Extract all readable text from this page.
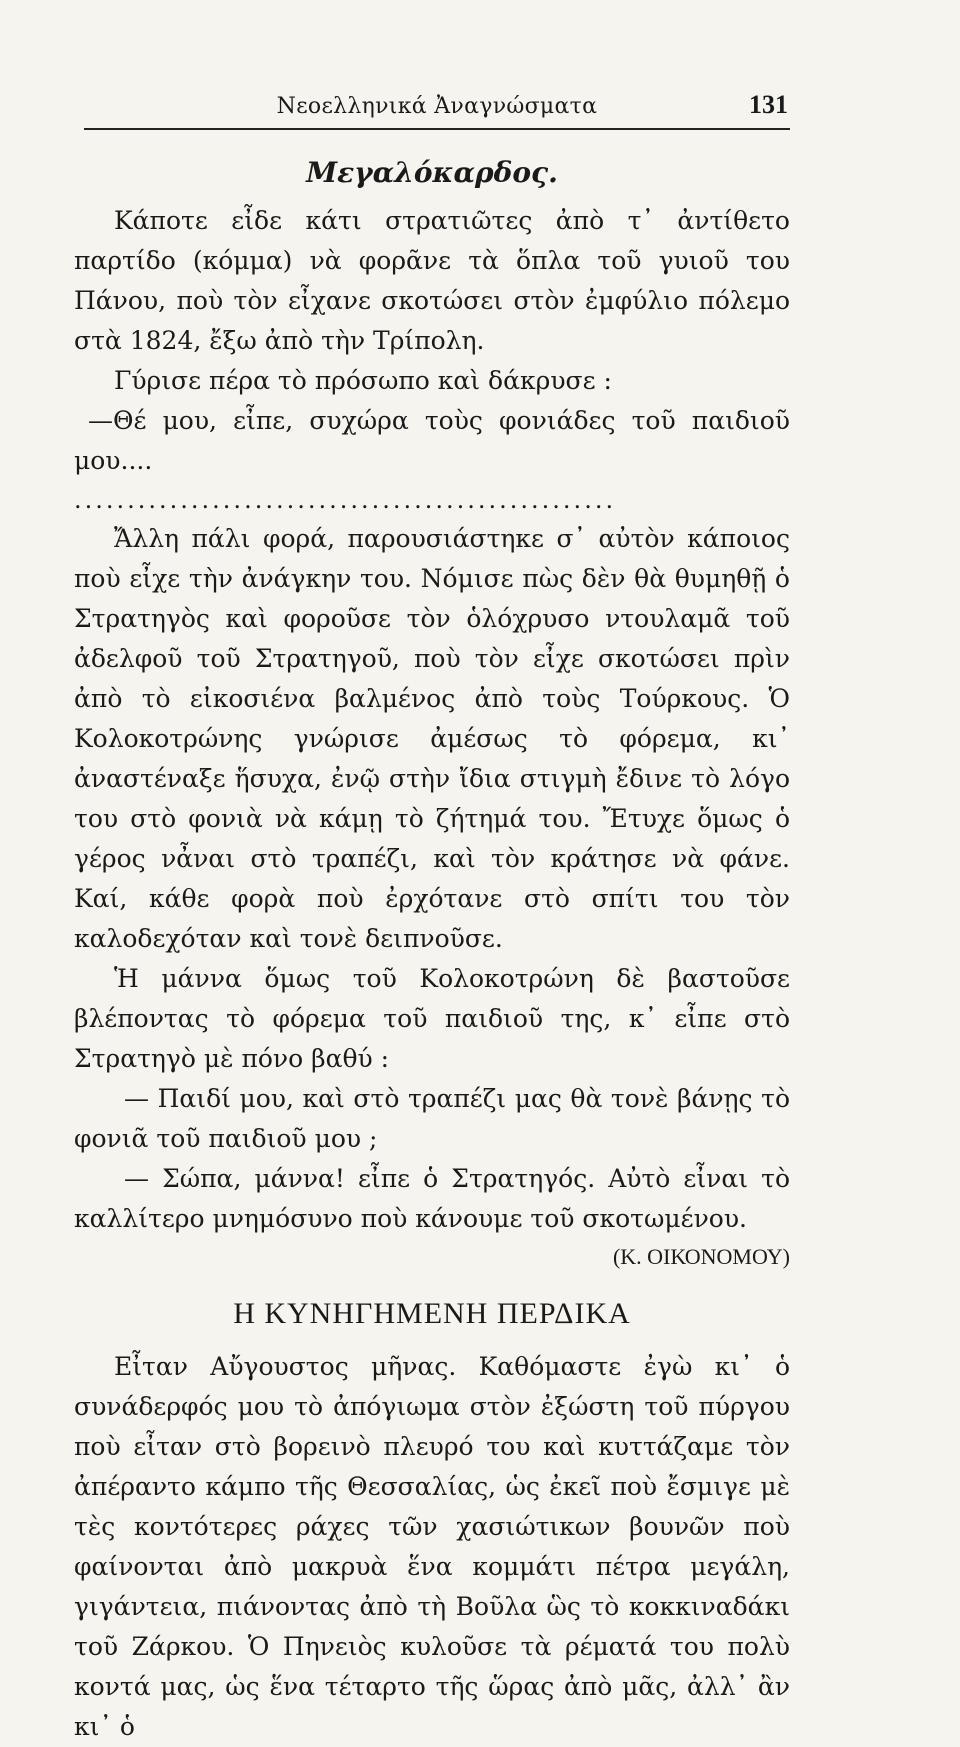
Νεοελληνικά Ἀναγνώσματα	131
Μεγαλόκαρδος.

Κάποτε εἶδε κάτι στρατιῶτες ἀπὸ τ᾽ ἀντίθετο παρτίδο (κόμμα) νὰ φορᾶνε τὰ ὅπλα τοῦ γυιοῦ του Πάνου, ποὺ τὸν εἶχανε σκοτώσει στὸν ἐμφύλιο πόλεμο στὰ 1824, ἔξω ἀπὸ τὴν Τρίπολη.

Γύρισε πέρα τὸ πρόσωπο καὶ δάκρυσε :

—Θέ μου, εἶπε, συχώρα τοὺς φονιάδες τοῦ παιδιοῦ μου....

...................................................

Ἄλλη πάλι φορά, παρουσιάστηκε σ᾽ αὐτὸν κάποιος ποὺ εἶχε τὴν ἀνάγκην του. Νόμισε πὼς δὲν θὰ θυμηθῇ ὁ Στρατηγὸς καὶ φοροῦσε τὸν ὁλόχρυσο ντουλαμᾶ τοῦ ἀδελφοῦ τοῦ Στρατηγοῦ, ποὺ τὸν εἶχε σκοτώσει πρὶν ἀπὸ τὸ εἰκοσιένα βαλμένος ἀπὸ τοὺς Τούρκους. Ὁ Κολοκοτρώνης γνώρισε ἀμέσως τὸ φόρεμα, κι᾽ ἀναστέναξε ἥσυχα, ἐνῷ στὴν ἴδια στιγμὴ ἔδινε τὸ λόγο του στὸ φονιὰ νὰ κάμῃ τὸ ζήτημά του. Ἔτυχε ὅμως ὁ γέρος νἆναι στὸ τραπέζι, καὶ τὸν κράτησε νὰ φάνε. Καί, κάθε φορὰ ποὺ ἐρχότανε στὸ σπίτι του τὸν καλοδεχόταν καὶ τονὲ δειπνοῦσε.

Ἡ μάννα ὅμως τοῦ Κολοκοτρώνη δὲ βαστοῦσε βλέποντας τὸ φόρεμα τοῦ παιδιοῦ της, κ᾽ εἶπε στὸ Στρατηγὸ μὲ πόνο βαθύ :

— Παιδί μου, καὶ στὸ τραπέζι μας θὰ τονὲ βάνῃς τὸ φονιᾶ τοῦ παιδιοῦ μου ;

— Σώπα, μάννα! εἶπε ὁ Στρατηγός. Αὐτὸ εἶναι τὸ καλλίτερο μνημόσυνο ποὺ κάνουμε τοῦ σκοτωμένου.

(Κ. ΟΙΚΟΝΟΜΟΥ)

Η ΚΥΝΗΓΗΜΕΝΗ ΠΕΡΔΙΚΑ

Εἶταν Αὔγουστος μῆνας. Καθόμαστε ἐγὼ κι᾽ ὁ συνάδερφός μου τὸ ἀπόγιωμα στὸν ἐξώστη τοῦ πύργου ποὺ εἶταν στὸ βορεινὸ πλευρό του καὶ κυττάζαμε τὸν ἀπέραντο κάμπο τῆς Θεσσαλίας, ὡς ἐκεῖ ποὺ ἔσμιγε μὲ τὲς κοντότερες ράχες τῶν χασιώτικων βουνῶν ποὺ φαίνονται ἀπὸ μακρυὰ ἕνα κομμάτι πέτρα μεγάλη, γιγάντεια, πιάνοντας ἀπὸ τὴ Βοῦλα ὣς τὸ κοκκιναδάκι τοῦ Ζάρκου. Ὁ Πηνειὸς κυλοῦσε τὰ ρέματά του πολὺ κοντά μας, ὡς ἕνα τέταρτο τῆς ὥρας ἀπὸ μᾶς, ἀλλ᾽ ἂν κι᾽ ὁ
